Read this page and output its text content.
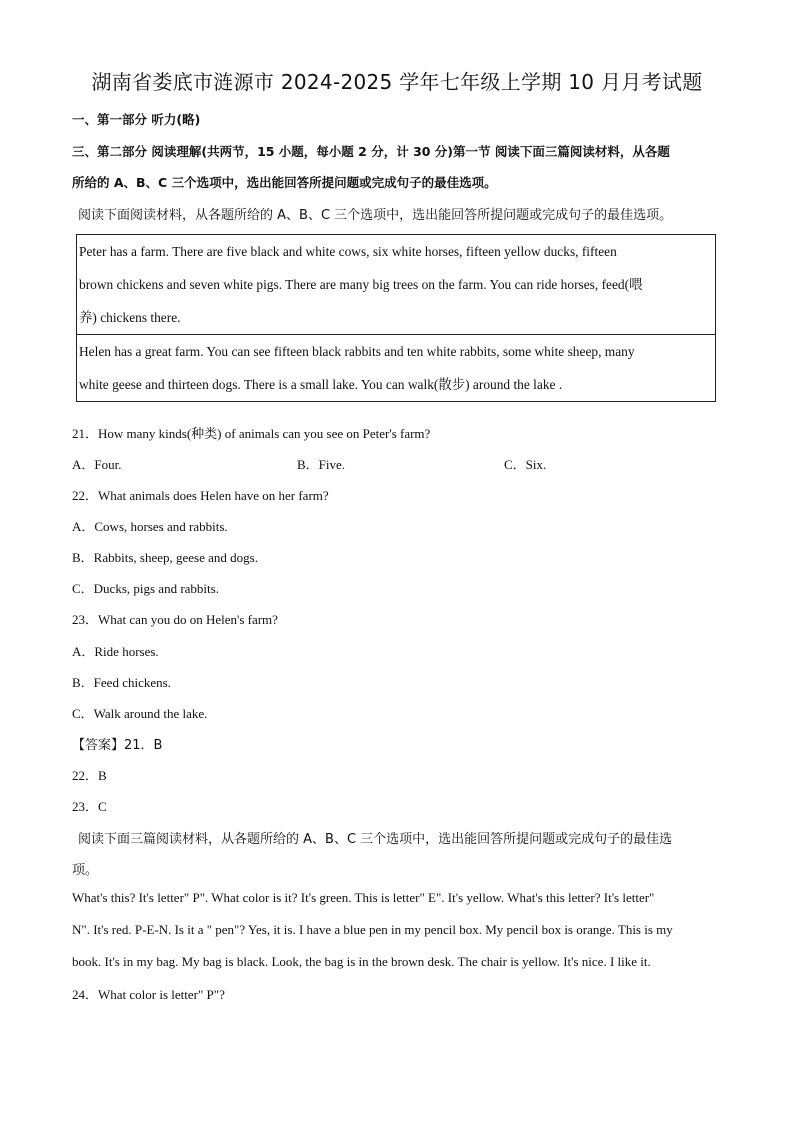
湖南省娄底市涟源市 2024-2025 学年七年级上学期 10 月月考试题
一、第一部分 听力(略)
三、第二部分 阅读理解(共两节，15 小题，每小题 2 分，计 30 分)第一节 阅读下面三篇阅读材料，从各题
所给的 A、B、C 三个选项中，选出能回答所提问题或完成句子的最佳选项。
阅读下面阅读材料，从各题所给的 A、B、C 三个选项中，选出能回答所提问题或完成句子的最佳选项。
Peter has a farm. There are five black and white cows, six white horses, fifteen yellow ducks, fifteen
brown chickens and seven white pigs. There are many big trees on the farm. You can ride horses, feed(喂
养) chickens there.
Helen has a great farm. You can see fifteen black rabbits and ten white rabbits, some white sheep, many
white geese and thirteen dogs. There is a small lake. You can walk(散步) around the lake .
21．How many kinds(种类) of animals can you see on Peter's farm?
A．Four.	B．Five.	C．Six.
22．What animals does Helen have on her farm?
A．Cows, horses and rabbits.
B．Rabbits, sheep, geese and dogs.
C．Ducks, pigs and rabbits.
23．What can you do on Helen's farm?
A．Ride horses.
B．Feed chickens.
C．Walk around the lake.
【答案】21．B
22．B
23．C
阅读下面三篇阅读材料，从各题所给的 A、B、C 三个选项中，选出能回答所提问题或完成句子的最佳选
项。
What's this? It's letter" P". What color is it? It's green. This is letter" E". It's yellow. What's this letter? It's letter"
N". It's red. P-E-N. Is it a " pen"? Yes, it is. I have a blue pen in my pencil box. My pencil box is orange. This is my
book. It's in my bag. My bag is black. Look, the bag is in the brown desk. The chair is yellow. It's nice. I like it.
24．What color is letter" P"?
